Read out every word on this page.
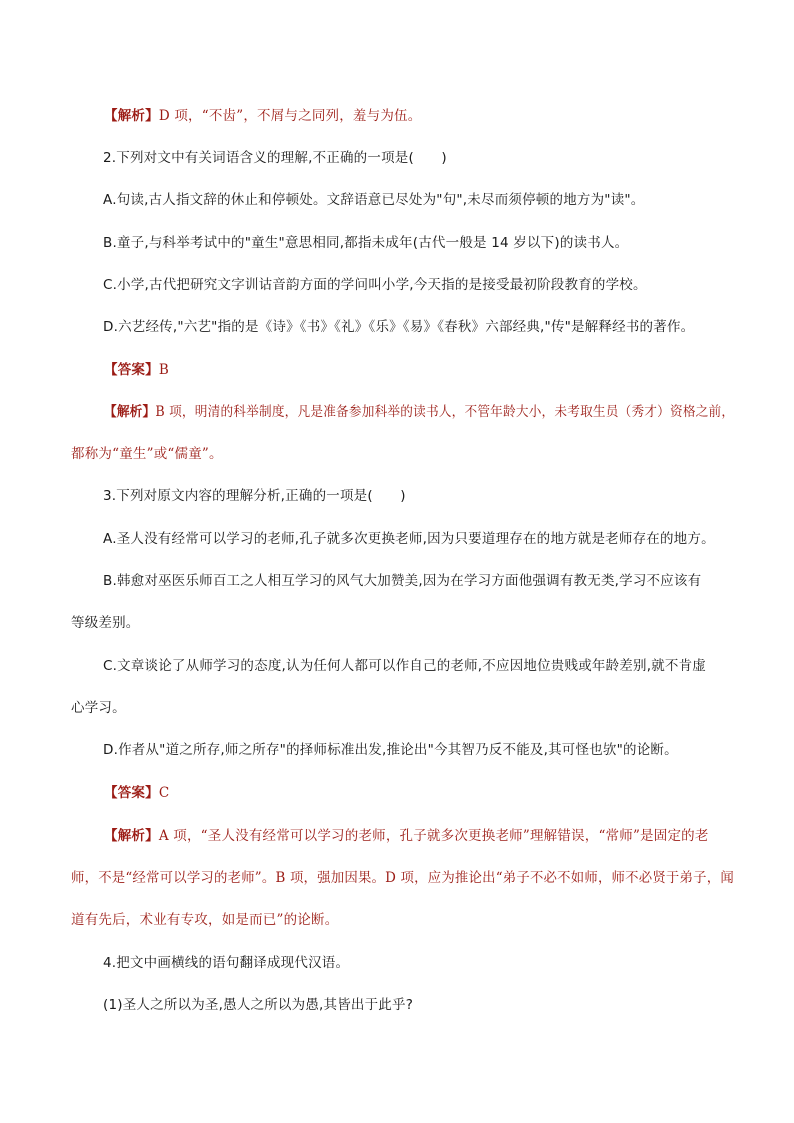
【解析】D 项，“不齿”，不屑与之同列，羞与为伍。
2.下列对文中有关词语含义的理解,不正确的一项是(　　)
A.句读,古人指文辞的休止和停顿处。文辞语意已尽处为"句",未尽而须停顿的地方为"读"。
B.童子,与科举考试中的"童生"意思相同,都指未成年(古代一般是 14 岁以下)的读书人。
C.小学,古代把研究文字训诂音韵方面的学问叫小学,今天指的是接受最初阶段教育的学校。
D.六艺经传,"六艺"指的是《诗》《书》《礼》《乐》《易》《春秋》六部经典,"传"是解释经书的著作。
【答案】B
【解析】B 项，明清的科举制度，凡是准备参加科举的读书人，不管年龄大小，未考取生员（秀才）资格之前，
都称为“童生”或“儒童”。
3.下列对原文内容的理解分析,正确的一项是(　　)
A.圣人没有经常可以学习的老师,孔子就多次更换老师,因为只要道理存在的地方就是老师存在的地方。
B.韩愈对巫医乐师百工之人相互学习的风气大加赞美,因为在学习方面他强调有教无类,学习不应该有
等级差别。
C.文章谈论了从师学习的态度,认为任何人都可以作自己的老师,不应因地位贵贱或年龄差别,就不肯虚
心学习。
D.作者从"道之所存,师之所存"的择师标准出发,推论出"今其智乃反不能及,其可怪也欤"的论断。
【答案】C
【解析】A 项，“圣人没有经常可以学习的老师，孔子就多次更换老师”理解错误，“常师”是固定的老
师，不是“经常可以学习的老师”。B 项，强加因果。D 项，应为推论出“弟子不必不如师，师不必贤于弟子，闻
道有先后，术业有专攻，如是而已”的论断。
4.把文中画横线的语句翻译成现代汉语。
(1)圣人之所以为圣,愚人之所以为愚,其皆出于此乎?
